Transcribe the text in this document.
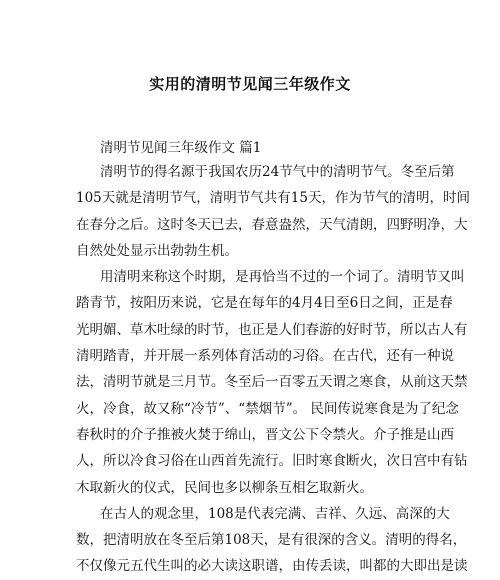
实用的清明节见闻三年级作文
清明节见闻三年级作文 篇1
清明节的得名源于我国农历24节气中的清明节气。冬至后第
105天就是清明节气，清明节气共有15天，作为节气的清明，时间
在春分之后。这时冬天已去，春意盎然，天气清朗，四野明净，大
自然处处显示出勃勃生机。
用清明来称这个时期，是再恰当不过的一个词了。清明节又叫
踏青节，按阳历来说，它是在每年的4月4日至6日之间，正是春
光明媚、草木吐绿的时节，也正是人们春游的好时节，所以古人有
清明踏青，并开展一系列体育活动的习俗。在古代，还有一种说
法，清明节就是三月节。冬至后一百零五天谓之寒食，从前这天禁
火，冷食，故又称“冷节”、“禁烟节”。 民间传说寒食是为了纪念
春秋时的介子推被火焚于绵山，晋文公下令禁火。介子推是山西
人，所以冷食习俗在山西首先流行。旧时寒食断火，次日宫中有钻
木取新火的仪式，民间也多以柳条互相乞取新火。
在古人的观念里，108是代表完满、吉祥、久远、高深的大
数，把清明放在冬至后第108天，是有很深的含义。清明的得名，
不仅像元五代生叫的必大读这职谱，由传丢读，叫都的大即出是读
